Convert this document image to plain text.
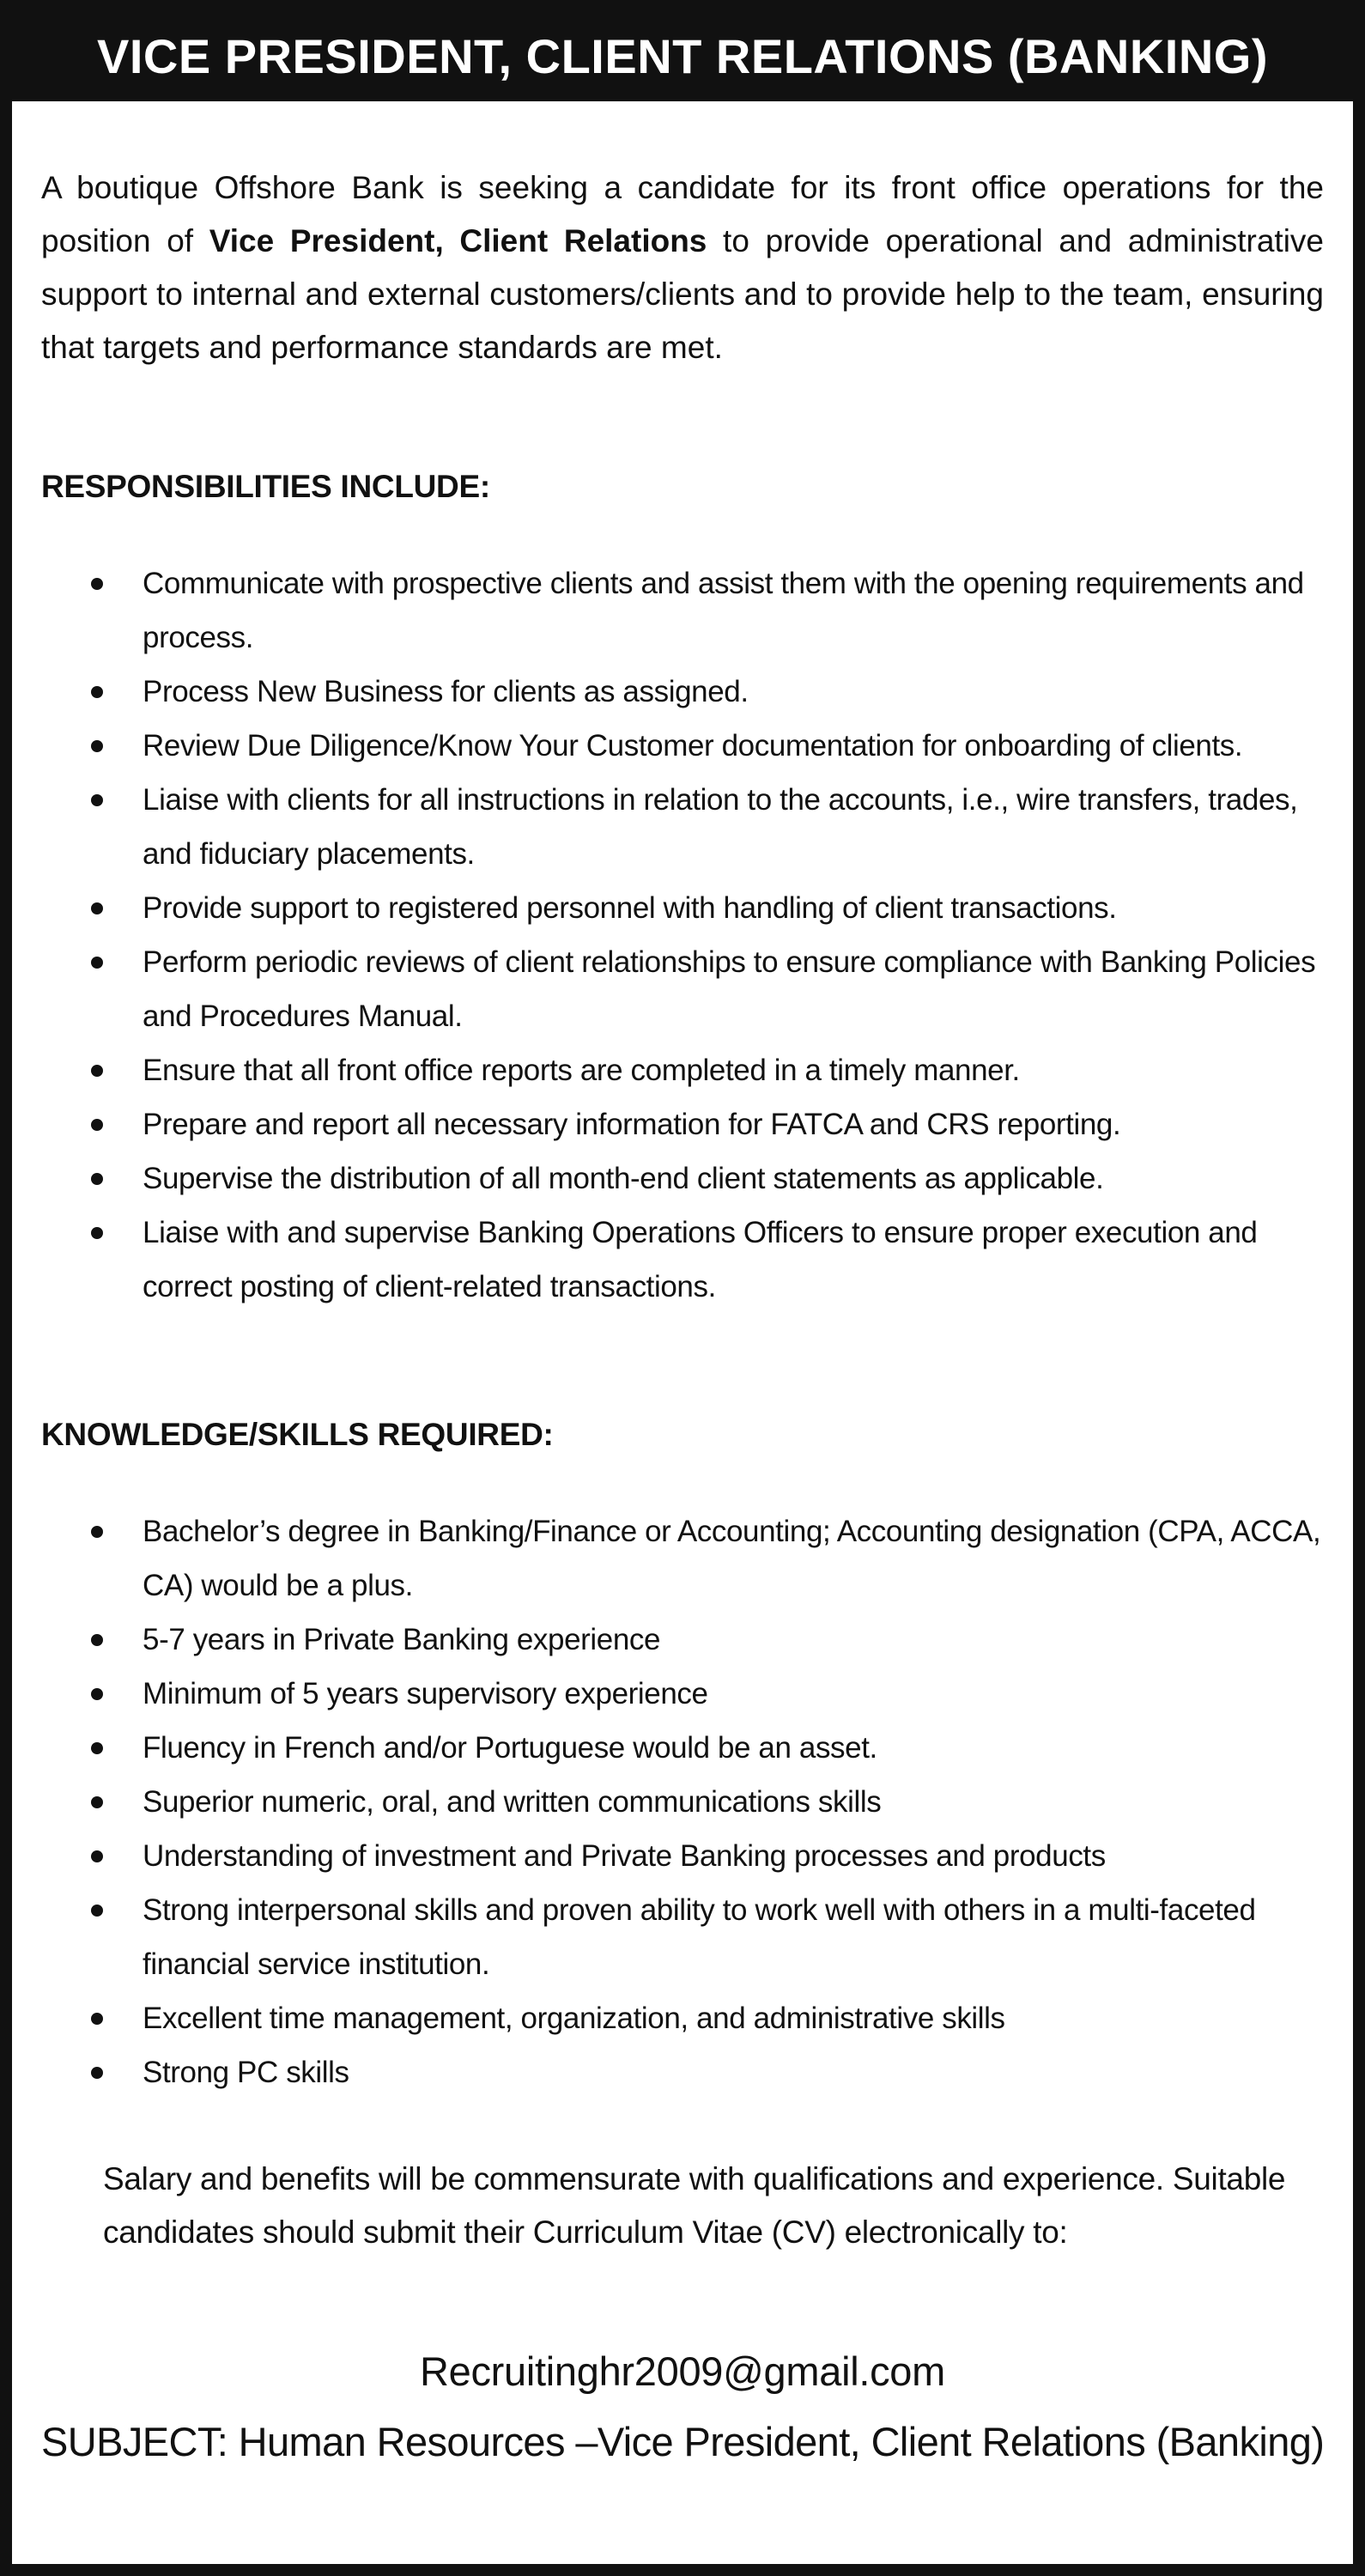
VICE PRESIDENT, CLIENT RELATIONS (BANKING)

A boutique Offshore Bank is seeking a candidate for its front office operations for the position of Vice President, Client Relations to provide operational and administrative support to internal and external customers/clients and to provide help to the team, ensuring that targets and performance standards are met.

RESPONSIBILITIES INCLUDE:
Communicate with prospective clients and assist them with the opening requirements and process.
Process New Business for clients as assigned.
Review Due Diligence/Know Your Customer documentation for onboarding of clients.
Liaise with clients for all instructions in relation to the accounts, i.e., wire transfers, trades, and fiduciary placements.
Provide support to registered personnel with handling of client transactions.
Perform periodic reviews of client relationships to ensure compliance with Banking Policies and Procedures Manual.
Ensure that all front office reports are completed in a timely manner.
Prepare and report all necessary information for FATCA and CRS reporting.
Supervise the distribution of all month-end client statements as applicable.
Liaise with and supervise Banking Operations Officers to ensure proper execution and correct posting of client-related transactions.
KNOWLEDGE/SKILLS REQUIRED:
Bachelor’s degree in Banking/Finance or Accounting; Accounting designation (CPA, ACCA, CA) would be a plus.
5-7 years in Private Banking experience
Minimum of 5 years supervisory experience
Fluency in French and/or Portuguese would be an asset.
Superior numeric, oral, and written communications skills
Understanding of investment and Private Banking processes and products
Strong interpersonal skills and proven ability to work well with others in a multi-faceted financial service institution.
Excellent time management, organization, and administrative skills
Strong PC skills

Salary and benefits will be commensurate with qualifications and experience. Suitable candidates should submit their Curriculum Vitae (CV) electronically to:

Recruitinghr2009@gmail.com
SUBJECT: Human Resources –Vice President, Client Relations (Banking)
